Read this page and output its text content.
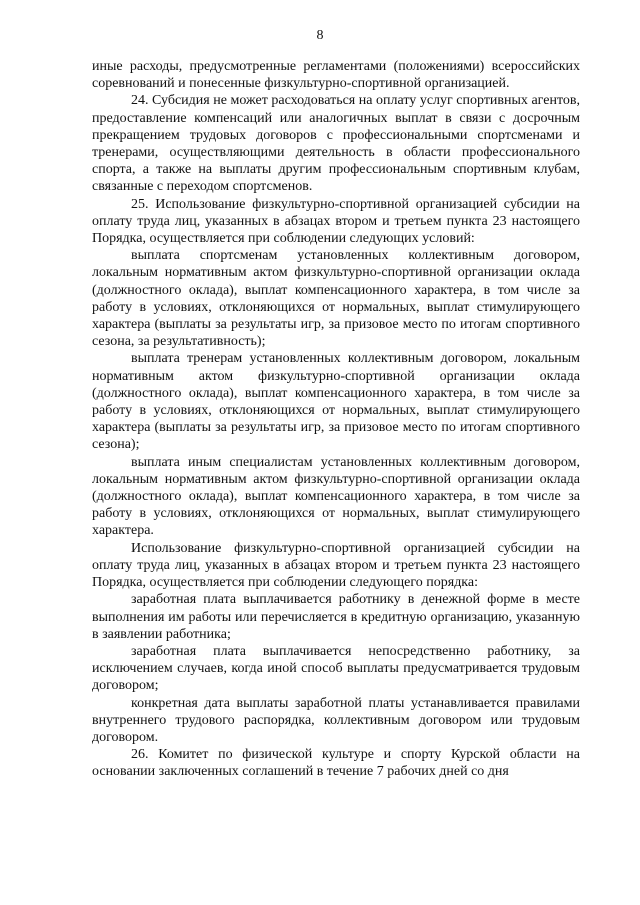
8

иные расходы, предусмотренные регламентами (положениями) всероссийских соревнований и понесенные физкультурно-спортивной организацией.

24. Субсидия не может расходоваться на оплату услуг спортивных агентов, предоставление компенсаций или аналогичных выплат в связи с досрочным прекращением трудовых договоров с профессиональными спортсменами и тренерами, осуществляющими деятельность в области профессионального спорта, а также на выплаты другим профессиональным спортивным клубам, связанные с переходом спортсменов.

25. Использование физкультурно-спортивной организацией субсидии на оплату труда лиц, указанных в абзацах втором и третьем пункта 23 настоящего Порядка, осуществляется при соблюдении следующих условий:

выплата спортсменам установленных коллективным договором, локальным нормативным актом физкультурно-спортивной организации оклада (должностного оклада), выплат компенсационного характера, в том числе за работу в условиях, отклоняющихся от нормальных, выплат стимулирующего характера (выплаты за результаты игр, за призовое место по итогам спортивного сезона, за результативность);

выплата тренерам установленных коллективным договором, локальным нормативным актом физкультурно-спортивной организации оклада (должностного оклада), выплат компенсационного характера, в том числе за работу в условиях, отклоняющихся от нормальных, выплат стимулирующего характера (выплаты за результаты игр, за призовое место по итогам спортивного сезона);

выплата иным специалистам установленных коллективным договором, локальным нормативным актом физкультурно-спортивной организации оклада (должностного оклада), выплат компенсационного характера, в том числе за работу в условиях, отклоняющихся от нормальных, выплат стимулирующего характера.

Использование физкультурно-спортивной организацией субсидии на оплату труда лиц, указанных в абзацах втором и третьем пункта 23 настоящего Порядка, осуществляется при соблюдении следующего порядка:

заработная плата выплачивается работнику в денежной форме в месте выполнения им работы или перечисляется в кредитную организацию, указанную в заявлении работника;

заработная плата выплачивается непосредственно работнику, за исключением случаев, когда иной способ выплаты предусматривается трудовым договором;

конкретная дата выплаты заработной платы устанавливается правилами внутреннего трудового распорядка, коллективным договором или трудовым договором.

26. Комитет по физической культуре и спорту Курской области на основании заключенных соглашений в течение 7 рабочих дней со дня
